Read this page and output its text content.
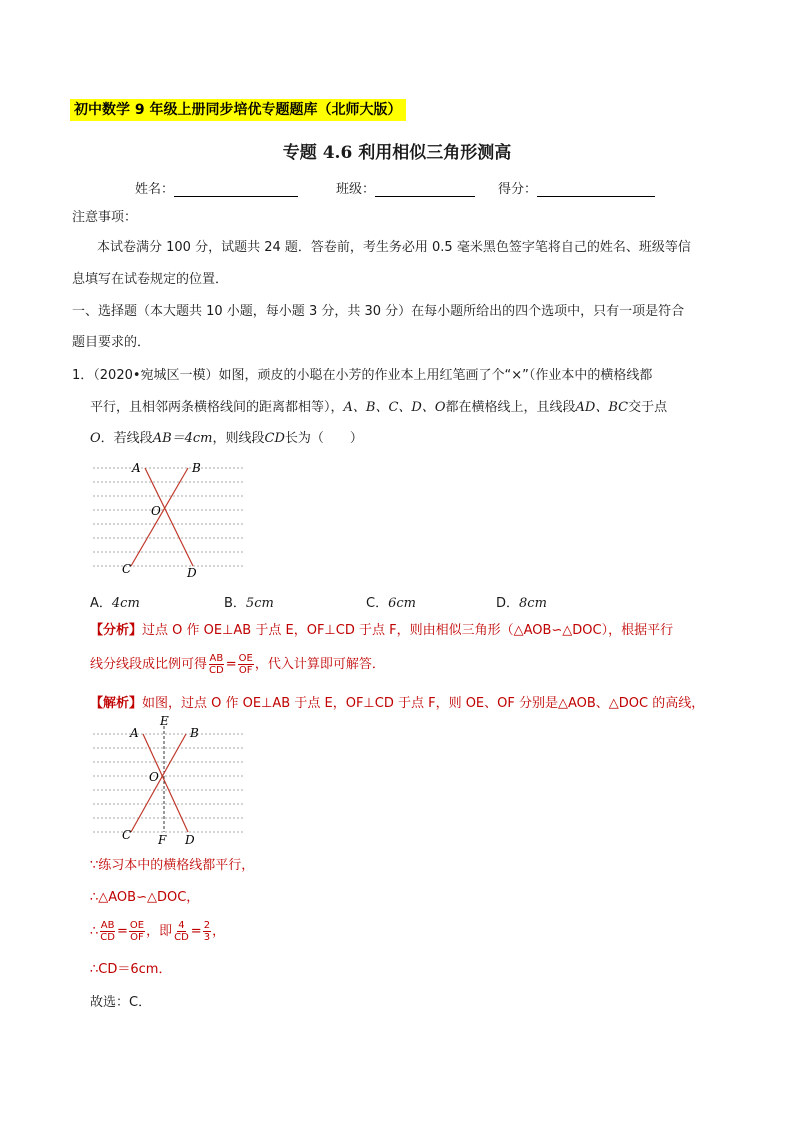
初中数学 9 年级上册同步培优专题题库（北师大版）
专题 4.6 利用相似三角形测高
姓名：	班级：	得分：
注意事项：
本试卷满分 100 分，试题共 24 题．答卷前，考生务必用 0.5 毫米黑色签字笔将自己的姓名、班级等信
息填写在试卷规定的位置．
一、选择题（本大题共 10 小题，每小题 3 分，共 30 分）在每小题所给出的四个选项中，只有一项是符合
题目要求的．
1．（2020•宛城区一模）如图，顽皮的小聪在小芳的作业本上用红笔画了个“×”（作业本中的横格线都
平行，且相邻两条横格线间的距离都相等），A、B、C、D、O都在横格线上，且线段AD、BC交于点
O．若线段AB＝4cm，则线段CD长为（　　）
A	B
O
C	D
A．4cm	B．5cm	C．6cm	D．8cm
【分析】过点 O 作 OE⊥AB 于点 E，OF⊥CD 于点 F，则由相似三角形（△AOB∽△DOC），根据平行
线分线段成比例可得 $\frac{AB}{CD} = \frac{OE}{OF}$ ，代入计算即可解答．
【解析】如图，过点 O 作 OE⊥AB 于点 E，OF⊥CD 于点 F，则 OE、OF 分别是△AOB、△DOC 的高线，
E
A	B
O
C F D
∵练习本中的横格线都平行，
∴△AOB∽△DOC，
∴ $\frac{AB}{CD} = \frac{OE}{OF}$ ，即 $\frac{4}{CD} = \frac{2}{3}$ ，
∴CD＝6cm．
故选：C．
